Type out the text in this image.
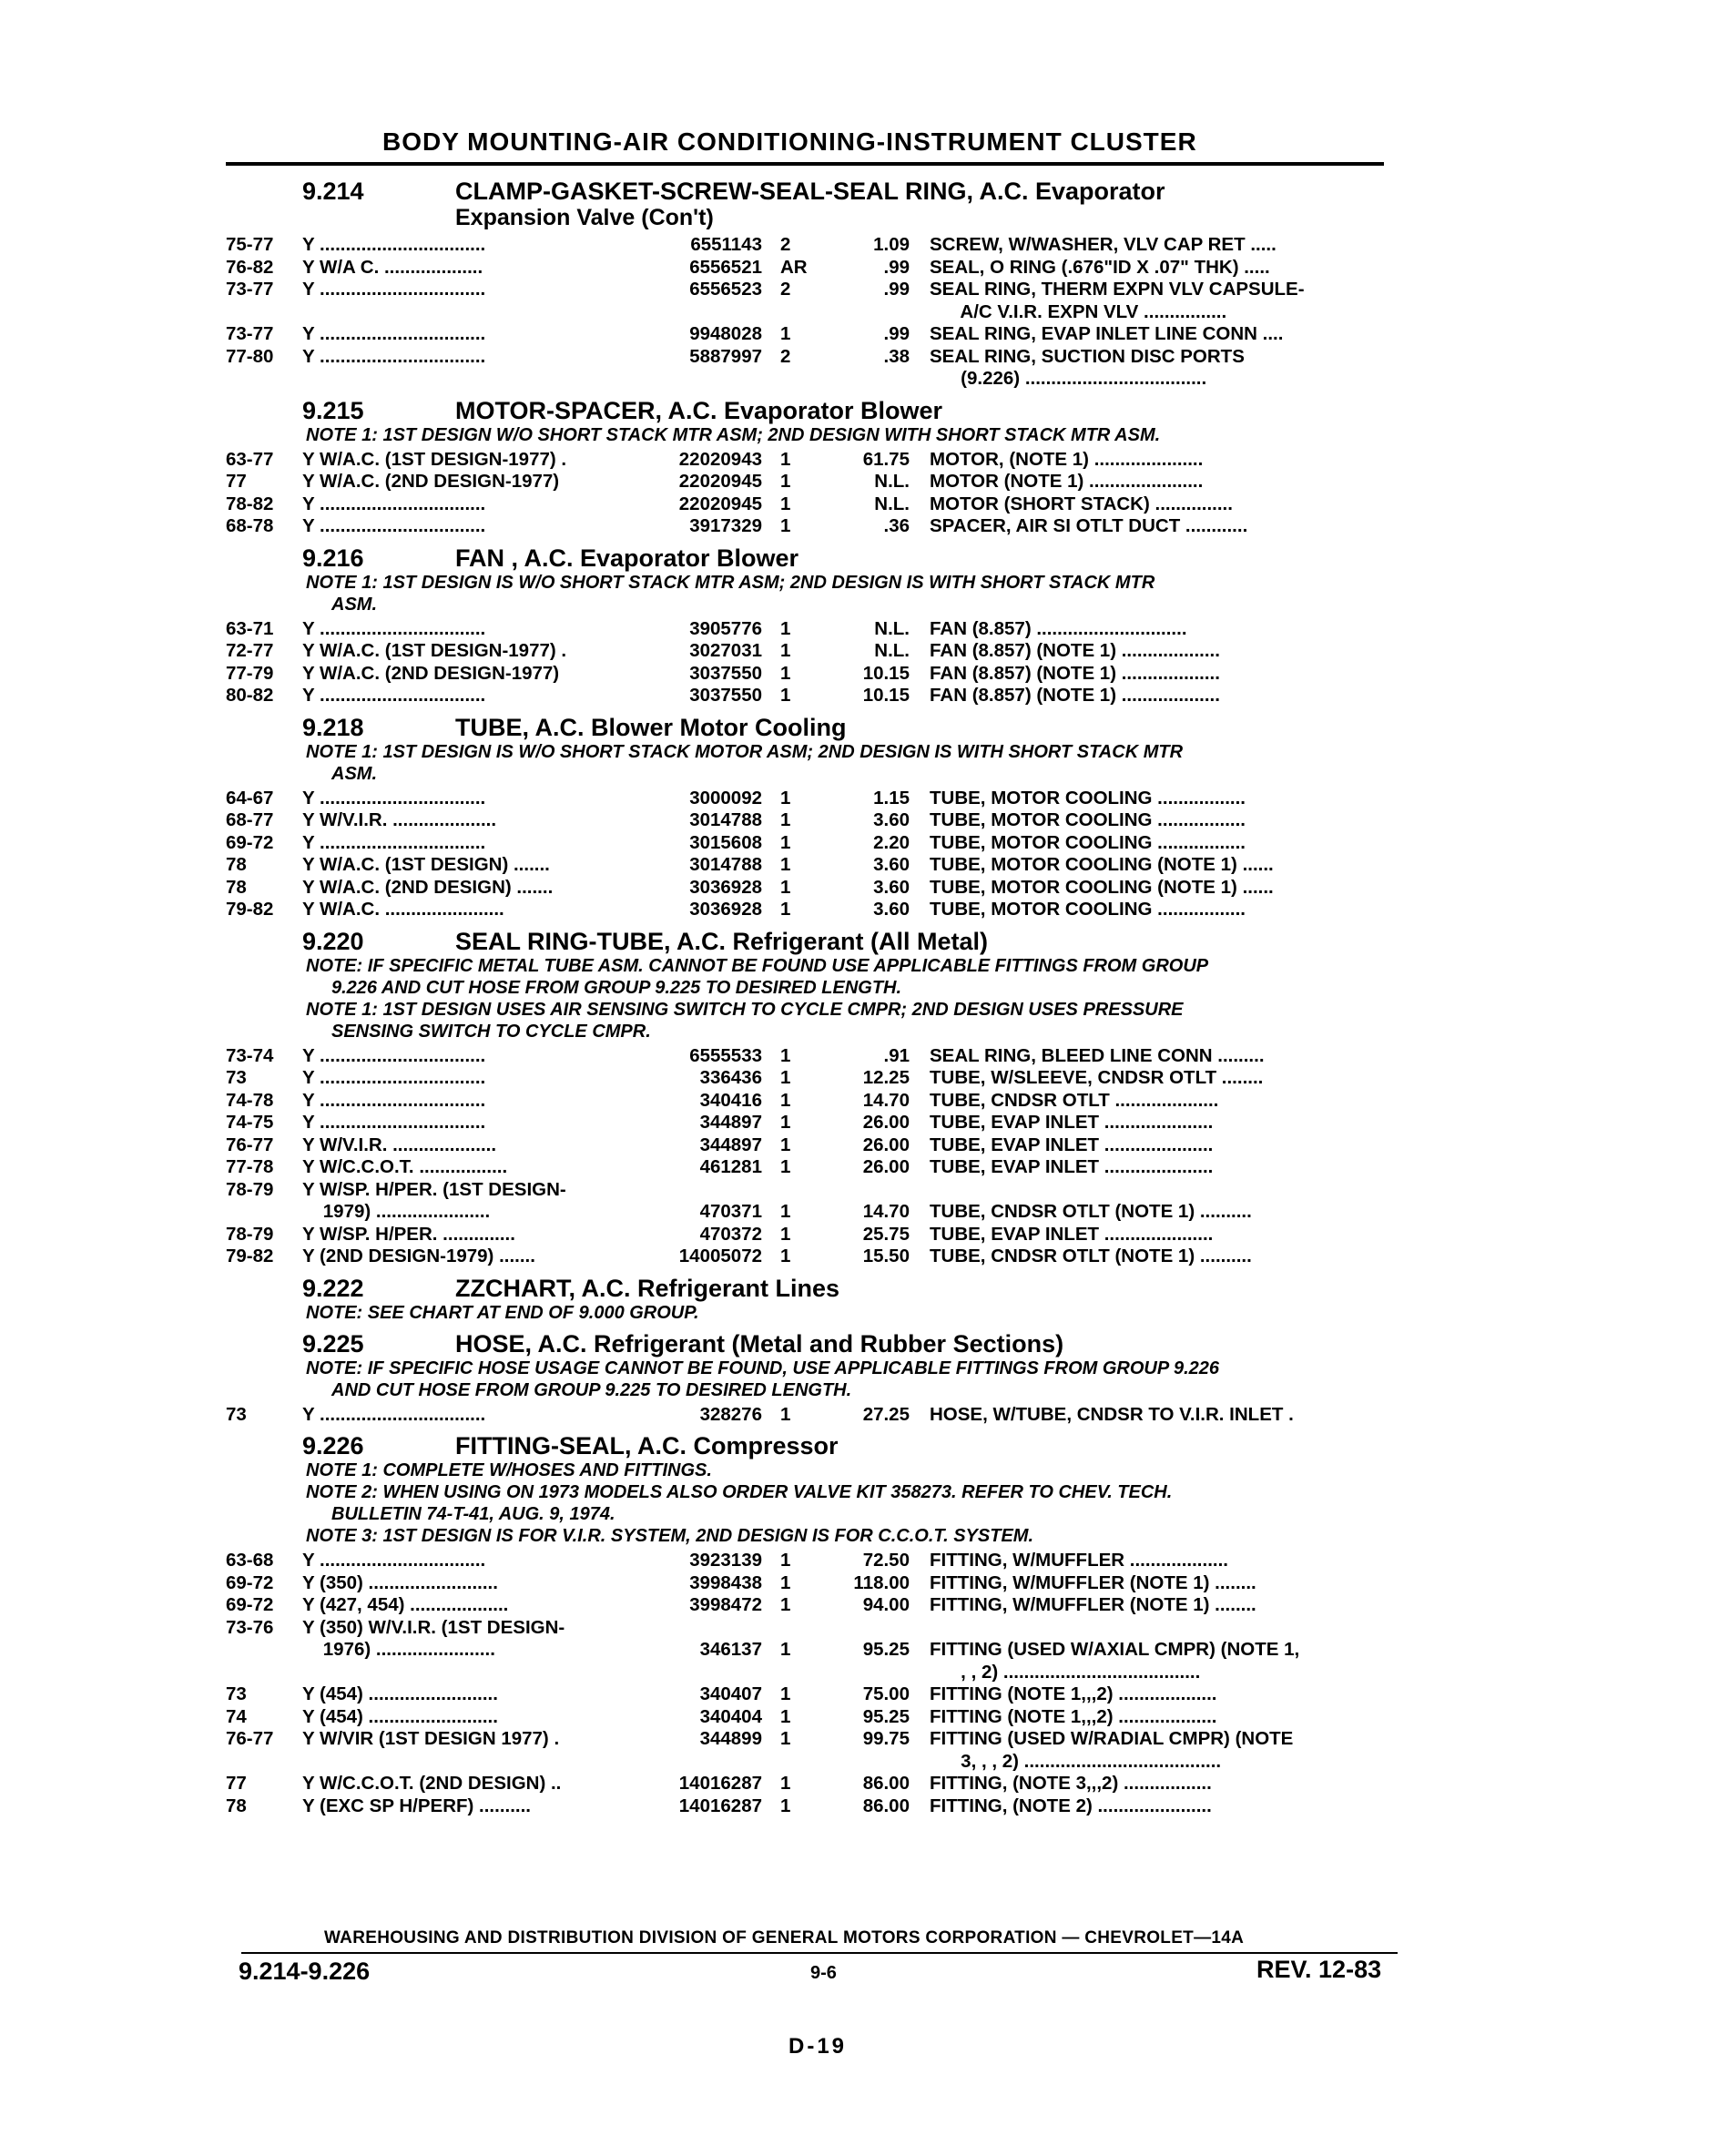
BODY MOUNTING-AIR CONDITIONING-INSTRUMENT CLUSTER
9.214	CLAMP-GASKET-SCREW-SEAL-SEAL RING, A.C. Evaporator
Expansion Valve (Con't)
75-77	Y ................................	6551143 2	1.09	SCREW, W/WASHER, VLV CAP RET .....
76-82	Y W/A C. ...................	6556521 AR	.99	SEAL, O RING (.676"ID X .07" THK) .....
73-77	Y ................................	6556523 2	.99	SEAL RING, THERM EXPN VLV CAPSULE-
A/C V.I.R. EXPN VLV ................
73-77	Y ................................	9948028 1	.99	SEAL RING, EVAP INLET LINE CONN ....
77-80	Y ................................	5887997 2	.38	SEAL RING, SUCTION DISC PORTS
(9.226) ...................................
9.215	MOTOR-SPACER, A.C. Evaporator Blower
NOTE 1: 1ST DESIGN W/O SHORT STACK MTR ASM; 2ND DESIGN WITH SHORT STACK MTR ASM.
63-77	Y W/A.C. (1ST DESIGN-1977) .	22020943 1	61.75	MOTOR, (NOTE 1) .....................
77	Y W/A.C. (2ND DESIGN-1977)	22020945 1	N.L.	MOTOR (NOTE 1) ......................
78-82	Y ................................	22020945 1	N.L.	MOTOR (SHORT STACK) ...............
68-78	Y ................................	3917329 1	.36	SPACER, AIR SI OTLT DUCT ............
9.216	FAN , A.C. Evaporator Blower
NOTE 1: 1ST DESIGN IS W/O SHORT STACK MTR ASM; 2ND DESIGN IS WITH SHORT STACK MTR
ASM.
63-71	Y ................................	3905776 1	N.L.	FAN (8.857) .............................
72-77	Y W/A.C. (1ST DESIGN-1977) .	3027031 1	N.L.	FAN (8.857) (NOTE 1) ...................
77-79	Y W/A.C. (2ND DESIGN-1977)	3037550 1	10.15	FAN (8.857) (NOTE 1) ...................
80-82	Y ................................	3037550 1	10.15	FAN (8.857) (NOTE 1) ...................
9.218	TUBE, A.C. Blower Motor Cooling
NOTE 1: 1ST DESIGN IS W/O SHORT STACK MOTOR ASM; 2ND DESIGN IS WITH SHORT STACK MTR
ASM.
64-67	Y ................................	3000092 1	1.15	TUBE, MOTOR COOLING .................
68-77	Y W/V.I.R. ....................	3014788 1	3.60	TUBE, MOTOR COOLING .................
69-72	Y ................................	3015608 1	2.20	TUBE, MOTOR COOLING .................
78	Y W/A.C. (1ST DESIGN) .......	3014788 1	3.60	TUBE, MOTOR COOLING (NOTE 1) ......
78	Y W/A.C. (2ND DESIGN) .......	3036928 1	3.60	TUBE, MOTOR COOLING (NOTE 1) ......
79-82	Y W/A.C. .......................	3036928 1	3.60	TUBE, MOTOR COOLING .................
9.220	SEAL RING-TUBE, A.C. Refrigerant (All Metal)
NOTE: IF SPECIFIC METAL TUBE ASM. CANNOT BE FOUND USE APPLICABLE FITTINGS FROM GROUP
9.226 AND CUT HOSE FROM GROUP 9.225 TO DESIRED LENGTH.
NOTE 1: 1ST DESIGN USES AIR SENSING SWITCH TO CYCLE CMPR; 2ND DESIGN USES PRESSURE
SENSING SWITCH TO CYCLE CMPR.
73-74	Y ................................	6555533 1	.91	SEAL RING, BLEED LINE CONN .........
73	Y ................................	336436 1	12.25	TUBE, W/SLEEVE, CNDSR OTLT ........
74-78	Y ................................	340416 1	14.70	TUBE, CNDSR OTLT ....................
74-75	Y ................................	344897 1	26.00	TUBE, EVAP INLET .....................
76-77	Y W/V.I.R. ....................	344897 1	26.00	TUBE, EVAP INLET .....................
77-78	Y W/C.C.O.T. .................	461281 1	26.00	TUBE, EVAP INLET .....................
78-79	Y W/SP. H/PER. (1ST DESIGN-
1979) ......................	470371 1	14.70	TUBE, CNDSR OTLT (NOTE 1) ..........
78-79	Y W/SP. H/PER. ..............	470372 1	25.75	TUBE, EVAP INLET .....................
79-82	Y (2ND DESIGN-1979) .......	14005072 1	15.50	TUBE, CNDSR OTLT (NOTE 1) ..........
9.222	ZZCHART, A.C. Refrigerant Lines
NOTE: SEE CHART AT END OF 9.000 GROUP.
9.225	HOSE, A.C. Refrigerant (Metal and Rubber Sections)
NOTE: IF SPECIFIC HOSE USAGE CANNOT BE FOUND, USE APPLICABLE FITTINGS FROM GROUP 9.226
AND CUT HOSE FROM GROUP 9.225 TO DESIRED LENGTH.
73	Y ................................	328276 1	27.25	HOSE, W/TUBE, CNDSR TO V.I.R. INLET .
9.226	FITTING-SEAL, A.C. Compressor
NOTE 1: COMPLETE W/HOSES AND FITTINGS.
NOTE 2: WHEN USING ON 1973 MODELS ALSO ORDER VALVE KIT 358273. REFER TO CHEV. TECH.
BULLETIN 74-T-41, AUG. 9, 1974.
NOTE 3: 1ST DESIGN IS FOR V.I.R. SYSTEM, 2ND DESIGN IS FOR C.C.O.T. SYSTEM.
63-68	Y ................................	3923139 1	72.50	FITTING, W/MUFFLER ...................
69-72	Y (350) .........................	3998438 1	118.00	FITTING, W/MUFFLER (NOTE 1) ........
69-72	Y (427, 454) ...................	3998472 1	94.00	FITTING, W/MUFFLER (NOTE 1) ........
73-76	Y (350) W/V.I.R. (1ST DESIGN-
1976) .......................	346137 1	95.25	FITTING (USED W/AXIAL CMPR) (NOTE 1,
, , 2) ......................................
73	Y (454) .........................	340407 1	75.00	FITTING (NOTE 1,,,2) ...................
74	Y (454) .........................	340404 1	95.25	FITTING (NOTE 1,,,2) ...................
76-77	Y W/VIR (1ST DESIGN 1977) .	344899 1	99.75	FITTING (USED W/RADIAL CMPR) (NOTE
3, , , 2) ......................................
77	Y W/C.C.O.T. (2ND DESIGN) ..	14016287 1	86.00	FITTING, (NOTE 3,,,2) .................
78	Y (EXC SP H/PERF) ..........	14016287 1	86.00	FITTING, (NOTE 2) ......................
WAREHOUSING AND DISTRIBUTION DIVISION OF GENERAL MOTORS CORPORATION — CHEVROLET—14A
9.214-9.226	9-6	REV. 12-83
D-19
